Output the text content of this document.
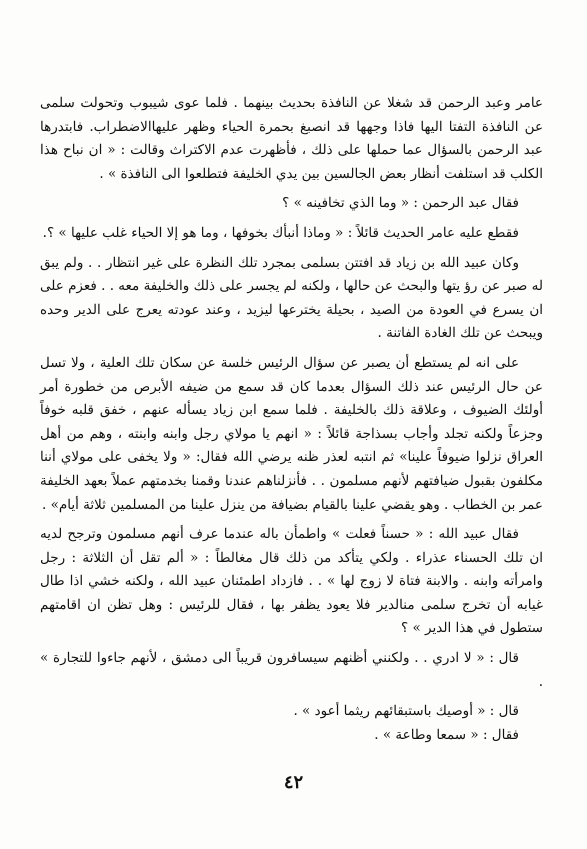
عامر وعبد الرحمن قد شغلا عن النافذة بحديث بينهما . فلما عوى شيبوب وتحولت سلمى عن النافذة التفتا اليها فاذا وجهها قد انصبغ بحمرة الحياء وظهر عليهاالاضطراب. فابتدرها عبد الرحمن بالسؤال عما حملها على ذلك ، فأظهرت عدم الاكتراث وقالت : « ان نباح هذا الكلب قد استلفت أنظار بعض الجالسين بين يدي الخليفة فتطلعوا الى النافذة » .

فقال عبد الرحمن : « وما الذي تخافينه » ؟

فقطع عليه عامر الحديث قائلاً : « وماذا أنبأك بخوفها ، وما هو إلا الحياء غلب عليها » ؟.

وكان عبيد الله بن زياد قد افتتن بسلمى بمجرد تلك النظرة على غير انتظار . . ولم يبق له صبر عن رؤ يتها والبحث عن حالها ، ولكنه لم يجسر على ذلك والخليفة معه . . فعزم على ان يسرع في العودة من الصيد ، بحيلة يخترعها ليزيد ، وعند عودته يعرج على الدير وحده ويبحث عن تلك الغادة الفاتنة .

على انه لم يستطع أن يصبر عن سؤال الرئيس خلسة عن سكان تلك العلية ، ولا تسل عن حال الرئيس عند ذلك السؤال بعدما كان قد سمع من ضيفه الأبرص من خطورة أمر أولئك الضيوف ، وعلاقة ذلك بالخليفة . فلما سمع ابن زياد يسأله عنهم ، خفق قلبه خوفاً وجزعاً ولكنه تجلد وأجاب بسذاجة قائلاً : « انهم يا مولاي رجل وابنه وابنته ، وهم من أهل العراق نزلوا ضيوفاً علينا» ثم انتبه لعذر ظنه يرضي الله فقال: « ولا يخفى على مولاي أننا مكلفون بقبول ضيافتهم لأنهم مسلمون . . فأنزلناهم عندنا وقمنا بخدمتهم عملاً بعهد الخليفة عمر بن الخطاب . وهو يقضي علينا بالقيام بضيافة من ينزل علينا من المسلمين ثلاثة أيام» .

فقال عبيد الله : « حسناً فعلت » واطمأن باله عندما عرف أنهم مسلمون وترجح لديه ان تلك الحسناء عذراء . ولكي يتأكد من ذلك قال مغالطاً : « ألم تقل أن الثلاثة : رجل وامرأته وابنه . والابنة فتاة لا زوج لها » . . فازداد اطمئنان عبيد الله ، ولكنه خشي اذا طال غيابه أن تخرج سلمى منالدير فلا يعود يظفر بها ، فقال للرئيس : وهل تظن ان اقامتهم ستطول في هذا الدير » ؟

قال : « لا ادري . . ولكنني أظنهم سيسافرون قريباً الى دمشق ، لأنهم جاءوا للتجارة » .

قال : « أوصيك باستبقائهم ريثما أعود » .

فقال : « سمعا وطاعة » .

٤٢
